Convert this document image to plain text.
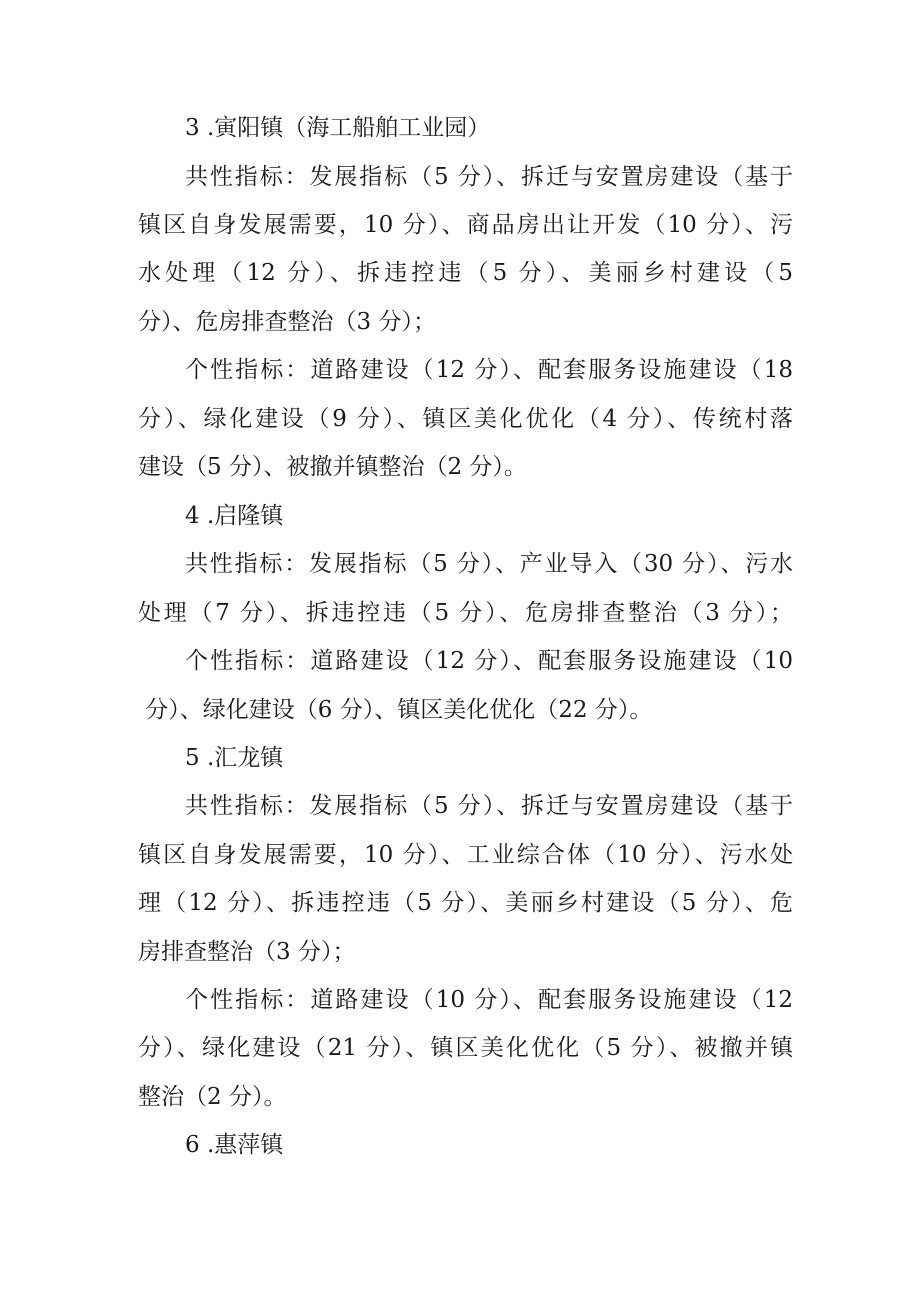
3 .寅阳镇（海工船舶工业园）
共性指标：发展指标（5 分）、拆迁与安置房建设（基于
镇区自身发展需要，10 分）、商品房出让开发（10 分）、污
水处理（12 分）、拆违控违（5 分）、美丽乡村建设（5
分）、危房排查整治（3 分）；
个性指标：道路建设（12 分）、配套服务设施建设（18
分）、绿化建设（9 分）、镇区美化优化（4 分）、传统村落
建设（5 分）、被撤并镇整治（2 分）。
4 .启隆镇
共性指标：发展指标（5 分）、产业导入（30 分）、污水
处理（7 分）、拆违控违（5 分）、危房排查整治（3 分）；
个性指标：道路建设（12 分）、配套服务设施建设（10
分）、绿化建设（6 分）、镇区美化优化（22 分）。
5 .汇龙镇
共性指标：发展指标（5 分）、拆迁与安置房建设（基于
镇区自身发展需要，10 分）、工业综合体（10 分）、污水处
理（12 分）、拆违控违（5 分）、美丽乡村建设（5 分）、危
房排查整治（3 分）；
个性指标：道路建设（10 分）、配套服务设施建设（12
分）、绿化建设（21 分）、镇区美化优化（5 分）、被撤并镇
整治（2 分）。
6 .惠萍镇
